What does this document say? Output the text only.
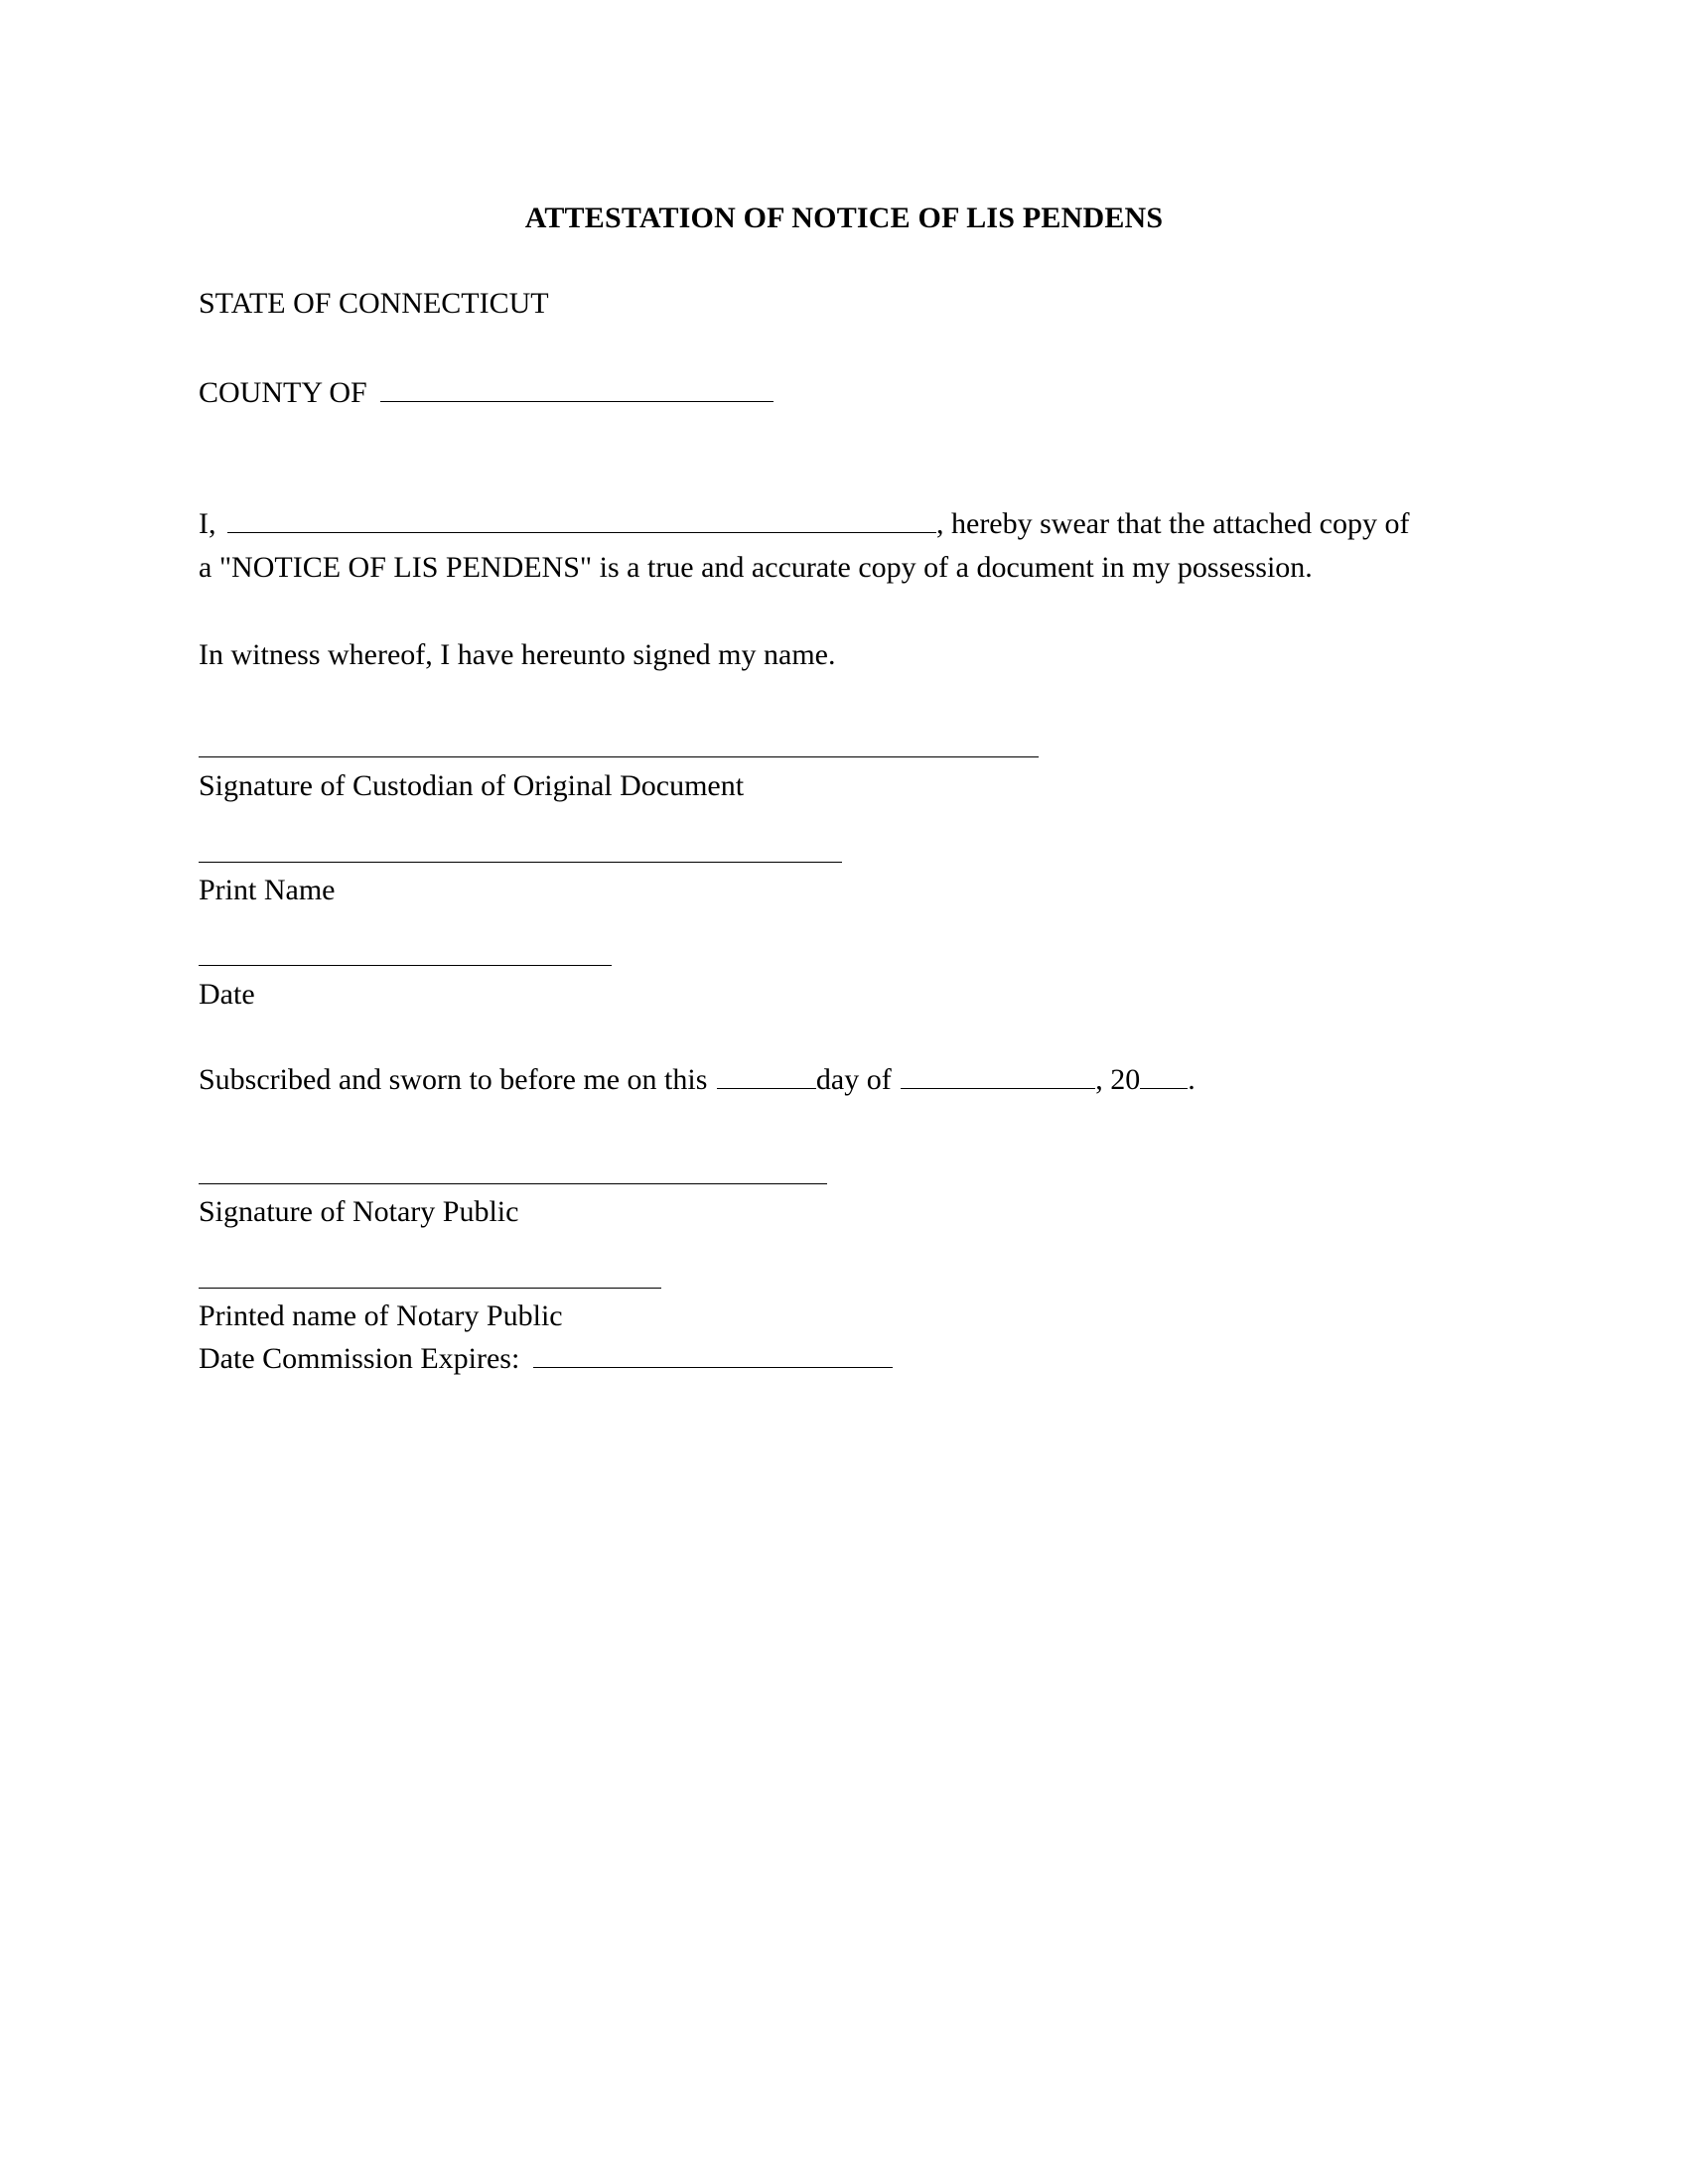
ATTESTATION OF NOTICE OF LIS PENDENS
STATE OF CONNECTICUT
COUNTY OF
I,	, hereby swear that the attached copy of
a "NOTICE OF LIS PENDENS" is a true and accurate copy of a document in my possession.
In witness whereof, I have hereunto signed my name.
Signature of Custodian of Original Document
Print Name
Date
Subscribed and sworn to before me on this	day of	, 20 .
Signature of Notary Public
Printed name of Notary Public
Date Commission Expires:
